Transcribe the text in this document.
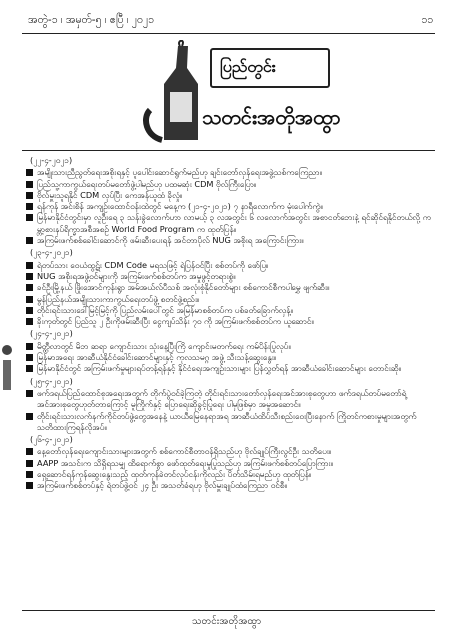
အတွဲ-၁ ၊ အမှတ်-၅ ၊ ဧပြီ ၊ ၂၀၂၁	၁၁
ပြည်တွင်း
သတင်းအတိုအထွာ
(၂၂-၄-၂၀၂၁)
အမျိုးသားညီညွတ်ရေးအစိုးရနှင့် ပူပေါင်းဆောင်ရွက်မည်ဟု ချင်းတော်လှန်ရေးအဖွဲ့သစ်ကကြေညာ။
ပြည်သူ့ကာကွယ်ရေးတပ်မတော်ဖွဲ့ပါမည်ဟု ပထမဆုံး CDM ဗိုလ်ကြီးပြော။
ဗိုလ်မှူးသူရနိုင် CDM လုပ်ပြီး ကေအန်ယူထံ ခိုလှုံ။
ရန်ကုန် အင်းစိန် အကျဉ်းထောင်ဝန်းထဲတွင် မနေ့က (၂၁-၄-၂၀၂၁) ၇ နာရီလောက်က မုံးပေါက်ကွဲ။
မြန်မာနိုင်ငံတွင်းမှာ လူဦးရေ ၃ သန်းခွဲလောက်ဟာ လာမယ့် ၃ လအတွင်း ၆ လလောက်အတွင်း အစာငတ်ဘေးနဲ့ ရင်ဆိုင်ရနိုင်တယ်လို့ ကမ္ဘာ့စားနပ်ရိက္ခာအစီအစဉ် World Food Program က ထုတ်ပြန်။
အကြမ်းဖက်စစ်ခေါင်းဆောင်ကို ဖမ်းဆီးပေးရန် အင်တာပိုလ် NUG အစိုးရ အကြောင်းကြား။
(၂၃-၄-၂၀၂၁)
ရဲတပ်သား ဝေယံထွဋ်း CDM Code မရသဖြင့် ရဲပြန်ဝင်ပြီး စစ်တပ်ကို ဖော်ပြ။
NUG အစိုးရအဖွဲ့ဝင်များကို အကြမ်းဖက်စစ်တပ်က အမှုဖွင့်တရားစွဲ။
ခင်ဦးမြို့နယ် ဖြိုးအောင်ကုန်းရွာ အမ်အယ်လ်ပီသစ် အလုံးစုံနိုင်တော်များ စစ်ကောင်စီကပါမွှေ ဖျက်ဆီး။
မွန်ပြည်နယ်အမျိုးသားကာကွယ်ရေးတပ်ဖွဲ့ စတင်ဖွဲ့စည်း။
တိုင်းရင်းသားဒေါ်မြင့်မြင့်ကို ပြည်လမ်းပေါ်တွင် အမြန်မာစစ်တပ်က ပစ်ခတ်ခြောက်လှန့်။
ခိုးကုတ်တွင် ပြည်သူ ၂ ဦးကိုဖမ်းဆီးပြီး ငွေကျပ်သိန်း ၇၀ ကို အကြမ်းဖက်စစ်တပ်က ယူဆောင်။
(၂၄-၄-၂၀၂၁)
မိတ္ထီလာတွင် မိဘ ဆရာ ကျောင်းသား သုံးနေ့ပြီးကြိ ကျောင်းမတက်ရေး ကမ်ပိန်းပြုလုပ်။
မြန်မာအရေး အာဆီယံနိုင်ငံခေါင်းဆောင်များနှင့် ကုလသမဂ္ဂ အဖွဲ့ သီးသန့်ဆွေးနွေး။
မြန်မာနိုင်ငံတွင် အကြမ်းဖက်မှုများရပ်တန့်ရန်နှင့် နိုင်ငံရေးအကျဉ်းသားများ ပြန်လွှတ်ရန် အာဆီယံခေါင်းဆောင်များ တောင်းဆို။
(၂၅-၄-၂၀၂၁)
ဖက်ဒရယ်ပြည်ထောင်စုအရေးအတွက် တိုက်ပွဲဝင်ခဲ့ကြတဲ့ တိုင်းရင်းသားတော်လှန်ရေးအင်အားစုတွေဟာ ဖက်ဒရယ်တပ်မတော်ရဲ့ အင်အားစုတွေဟုတ်တာကြောင့် မူကြိုက်နှင့် ပြောရေးဆိုခွင့်ပြုရေး ပါမှဖြစ်မှာ အမှုအဆောင်။
တိုင်းရင်းသားလက်နက်ကိုင်တပ်ဖွဲ့တွေအနေနဲ့ ယာယီမြေနေရာအရ အာဆီယံထိပ်သီးစည်းဝေးပြီးနောက် ကြိုတင်ကစားမှုများအတွက် သတိထားကြရန်လိုအပ်။
(၂၆-၄-၂၀၂၁)
နေ့တော်လှန်ရေးကျောင်းသားများအတွက် စစ်ကောင်စီတာဝန်ရှိသည်ဟု ဗိုလ်ချုပ်ကြီးလွင်ဦး သတိပေး။
AAPP အသင်းက သိရှိရသမျှ ထိရောက်စွာ ဖော်ထုတ်ရေးမှုပြုသည်ဟု အကြမ်းဖက်စစ်တပ်ပြောကြား။
ရှေ့ဆောင်ရန်ကုန်ဆွေးနွေးသည့် ထုတ်ကုန်ခဲတင်လုပ်ငန်းကိုလည်း ပိတ်သိမ်းရမည်ဟု ထုတ်ပြန်။
အကြမ်းဖက်စစ်တပ်နှင့် ရဲတပ်ဖွဲ့ဝင် ၂၄ ဦး အသတ်ခံရဟု ဗိုလ်မှူးချုပ်ထံကြေညာ ဝင်စီ။
သတင်းအတိုအထွာ
